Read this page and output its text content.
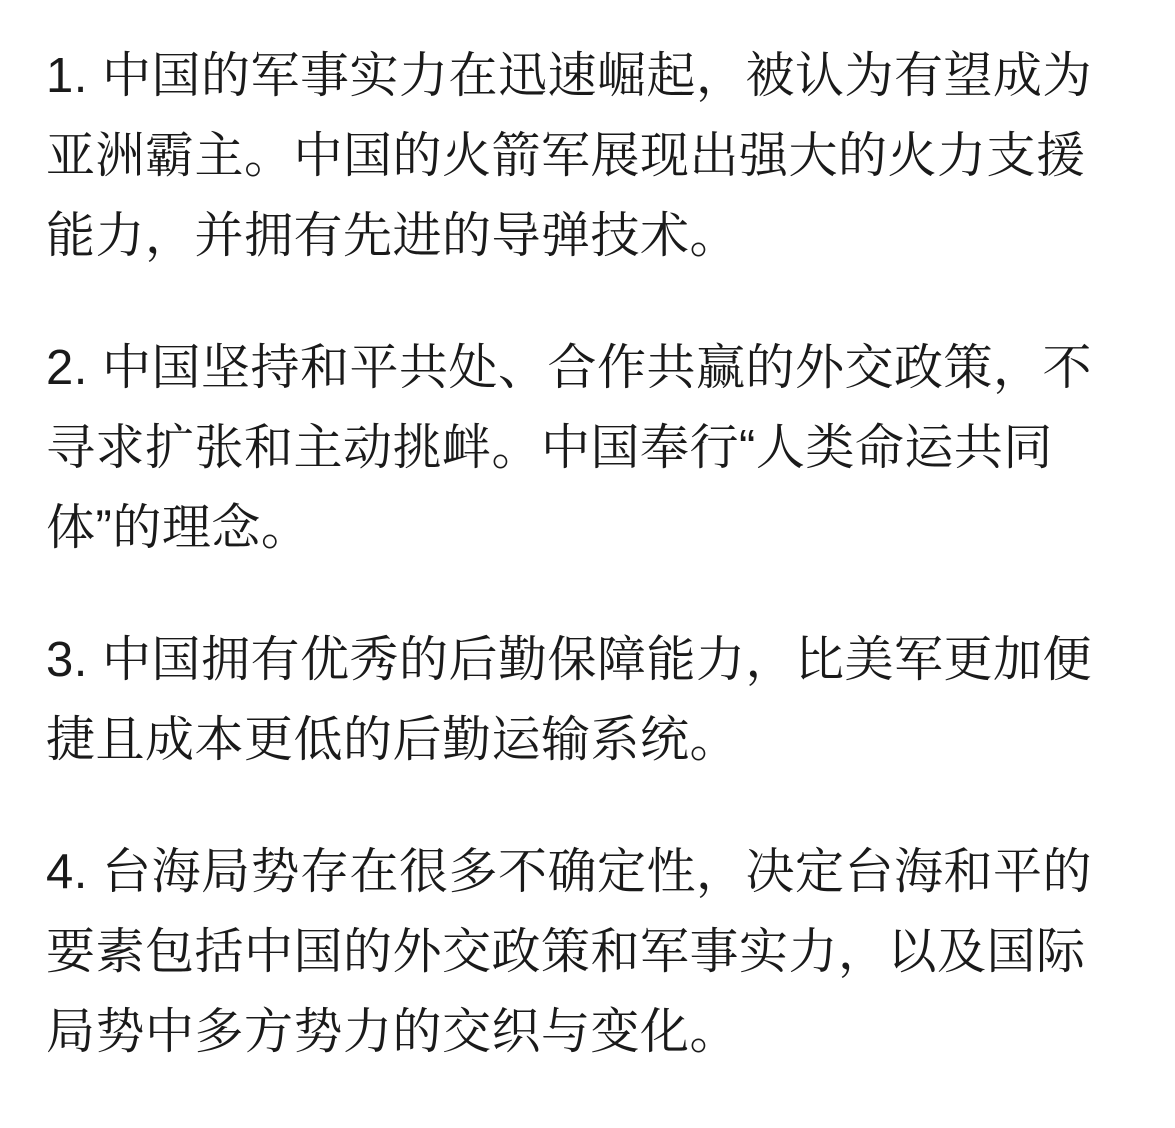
1. 中国的军事实力在迅速崛起，被认为有望成为亚洲霸主。中国的火箭军展现出强大的火力支援能力，并拥有先进的导弹技术。

2. 中国坚持和平共处、合作共赢的外交政策，不寻求扩张和主动挑衅。中国奉行“人类命运共同体”的理念。

3. 中国拥有优秀的后勤保障能力，比美军更加便捷且成本更低的后勤运输系统。

4. 台海局势存在很多不确定性，决定台海和平的要素包括中国的外交政策和军事实力，以及国际局势中多方势力的交织与变化。
